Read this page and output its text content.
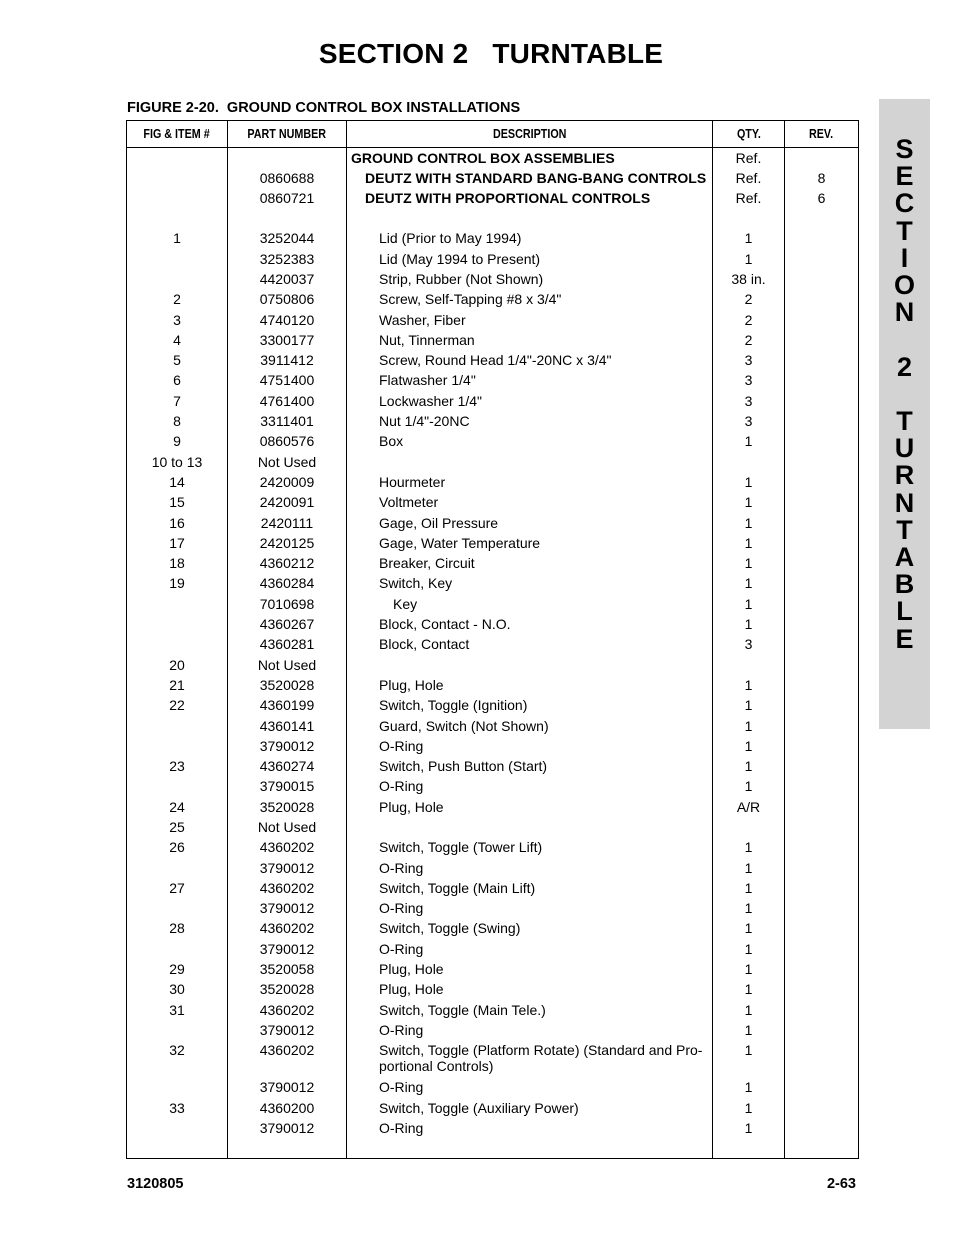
SECTION 2   TURNTABLE
FIGURE 2-20.  GROUND CONTROL BOX INSTALLATIONS
FIG & ITEM #	PART NUMBER	DESCRIPTION	QTY.	REV.
		GROUND CONTROL BOX ASSEMBLIES	Ref.	
	0860688	DEUTZ WITH STANDARD BANG-BANG CONTROLS	Ref.	8
	0860721	DEUTZ WITH PROPORTIONAL CONTROLS	Ref.	6

1	3252044	Lid (Prior to May 1994)	1	
	3252383	Lid (May 1994 to Present)	1	
	4420037	Strip, Rubber (Not Shown)	38 in.	
2	0750806	Screw, Self-Tapping #8 x 3/4"	2	
3	4740120	Washer, Fiber	2	
4	3300177	Nut, Tinnerman	2	
5	3911412	Screw, Round Head 1/4"-20NC x 3/4"	3	
6	4751400	Flatwasher 1/4"	3	
7	4761400	Lockwasher 1/4"	3	
8	3311401	Nut 1/4"-20NC	3	
9	0860576	Box	1	
10 to 13	Not Used	

14	2420009	Hourmeter	1	
15	2420091	Voltmeter	1	
16	2420111	Gage, Oil Pressure	1	
17	2420125	Gage, Water Temperature	1	
18	4360212	Breaker, Circuit	1	
19	4360284	Switch, Key	1	
	7010698	Key	1	
	4360267	Block, Contact - N.O.	1	
	4360281	Block, Contact	3	
20	Not Used	

21	3520028	Plug, Hole	1	
22	4360199	Switch, Toggle (Ignition)	1	
	4360141	Guard, Switch (Not Shown)	1	
	3790012	O-Ring	1	
23	4360274	Switch, Push Button (Start)	1	
	3790015	O-Ring	1	
24	3520028	Plug, Hole	A/R	
25	Not Used	

26	4360202	Switch, Toggle (Tower Lift)	1	
	3790012	O-Ring	1	
27	4360202	Switch, Toggle (Main Lift)	1	
	3790012	O-Ring	1	
28	4360202	Switch, Toggle (Swing)	1	
	3790012	O-Ring	1	
29	3520058	Plug, Hole	1	
30	3520028	Plug, Hole	1	
31	4360202	Switch, Toggle (Main Tele.)	1	
	3790012	O-Ring	1	
32	4360202	Switch, Toggle (Platform Rotate) (Standard and Pro-portional Controls)	1	
	3790012	O-Ring	1	
33	4360200	Switch, Toggle (Auxiliary Power)	1	
	3790012	O-Ring	1	

S
E
C
T
I
O
N

2

T
U
R
N
T
A
B
L
E
3120805	2-63
